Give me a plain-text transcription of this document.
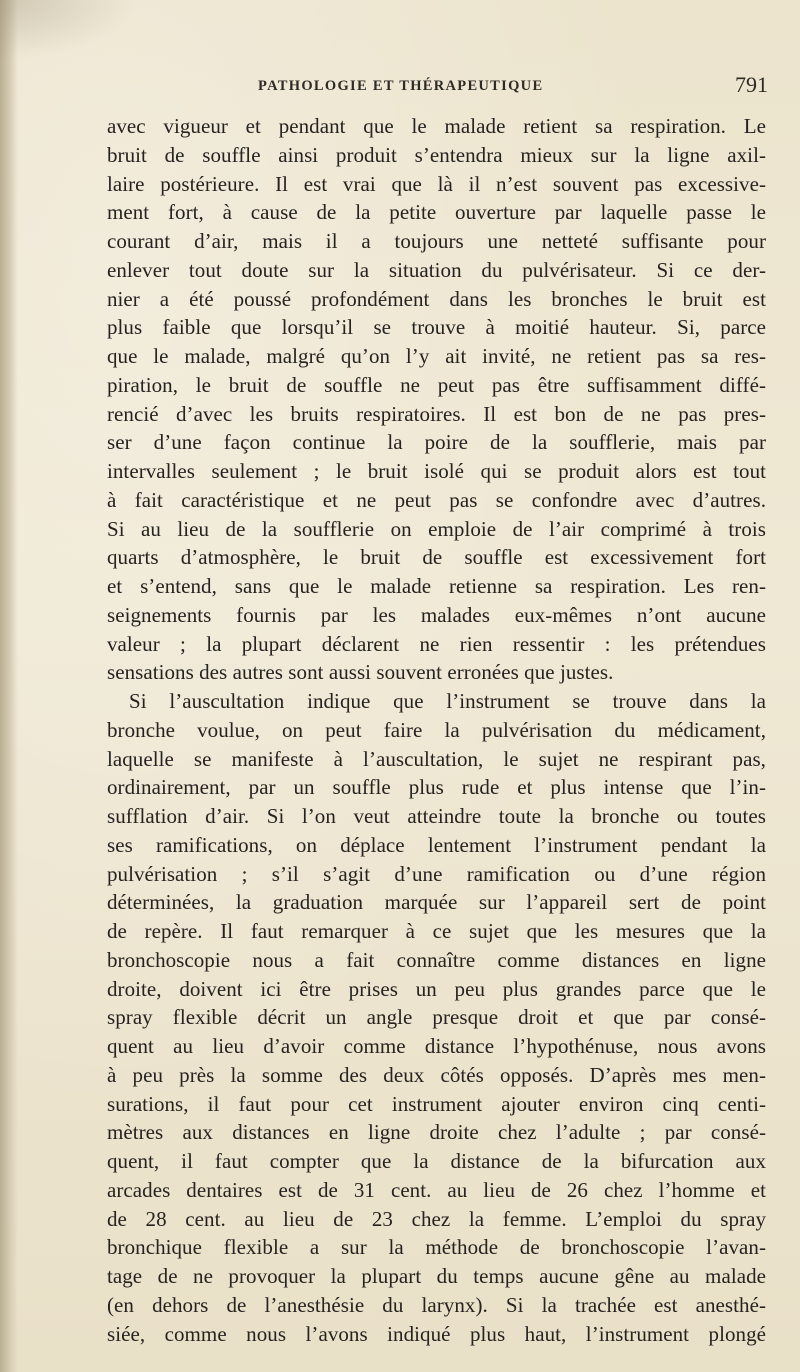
PATHOLOGIE ET THÉRAPEUTIQUE	791
avec vigueur et pendant que le malade retient sa respiration. Le
bruit de souffle ainsi produit s’entendra mieux sur la ligne axil-
laire postérieure. Il est vrai que là il n’est souvent pas excessive-
ment fort, à cause de la petite ouverture par laquelle passe le
courant d’air, mais il a toujours une netteté suffisante pour
enlever tout doute sur la situation du pulvérisateur. Si ce der-
nier a été poussé profondément dans les bronches le bruit est
plus faible que lorsqu’il se trouve à moitié hauteur. Si, parce
que le malade, malgré qu’on l’y ait invité, ne retient pas sa res-
piration, le bruit de souffle ne peut pas être suffisamment diffé-
rencié d’avec les bruits respiratoires. Il est bon de ne pas pres-
ser d’une façon continue la poire de la soufflerie, mais par
intervalles seulement ; le bruit isolé qui se produit alors est tout
à fait caractéristique et ne peut pas se confondre avec d’autres.
Si au lieu de la soufflerie on emploie de l’air comprimé à trois
quarts d’atmosphère, le bruit de souffle est excessivement fort
et s’entend, sans que le malade retienne sa respiration. Les ren-
seignements fournis par les malades eux-mêmes n’ont aucune
valeur ; la plupart déclarent ne rien ressentir : les prétendues
sensations des autres sont aussi souvent erronées que justes.
Si l’auscultation indique que l’instrument se trouve dans la
bronche voulue, on peut faire la pulvérisation du médicament,
laquelle se manifeste à l’auscultation, le sujet ne respirant pas,
ordinairement, par un souffle plus rude et plus intense que l’in-
sufflation d’air. Si l’on veut atteindre toute la bronche ou toutes
ses ramifications, on déplace lentement l’instrument pendant la
pulvérisation ; s’il s’agit d’une ramification ou d’une région
déterminées, la graduation marquée sur l’appareil sert de point
de repère. Il faut remarquer à ce sujet que les mesures que la
bronchoscopie nous a fait connaître comme distances en ligne
droite, doivent ici être prises un peu plus grandes parce que le
spray flexible décrit un angle presque droit et que par consé-
quent au lieu d’avoir comme distance l’hypothénuse, nous avons
à peu près la somme des deux côtés opposés. D’après mes men-
surations, il faut pour cet instrument ajouter environ cinq centi-
mètres aux distances en ligne droite chez l’adulte ; par consé-
quent, il faut compter que la distance de la bifurcation aux
arcades dentaires est de 31 cent. au lieu de 26 chez l’homme et
de 28 cent. au lieu de 23 chez la femme. L’emploi du spray
bronchique flexible a sur la méthode de bronchoscopie l’avan-
tage de ne provoquer la plupart du temps aucune gêne au malade
(en dehors de l’anesthésie du larynx). Si la trachée est anesthé-
siée, comme nous l’avons indiqué plus haut, l’instrument plongé
